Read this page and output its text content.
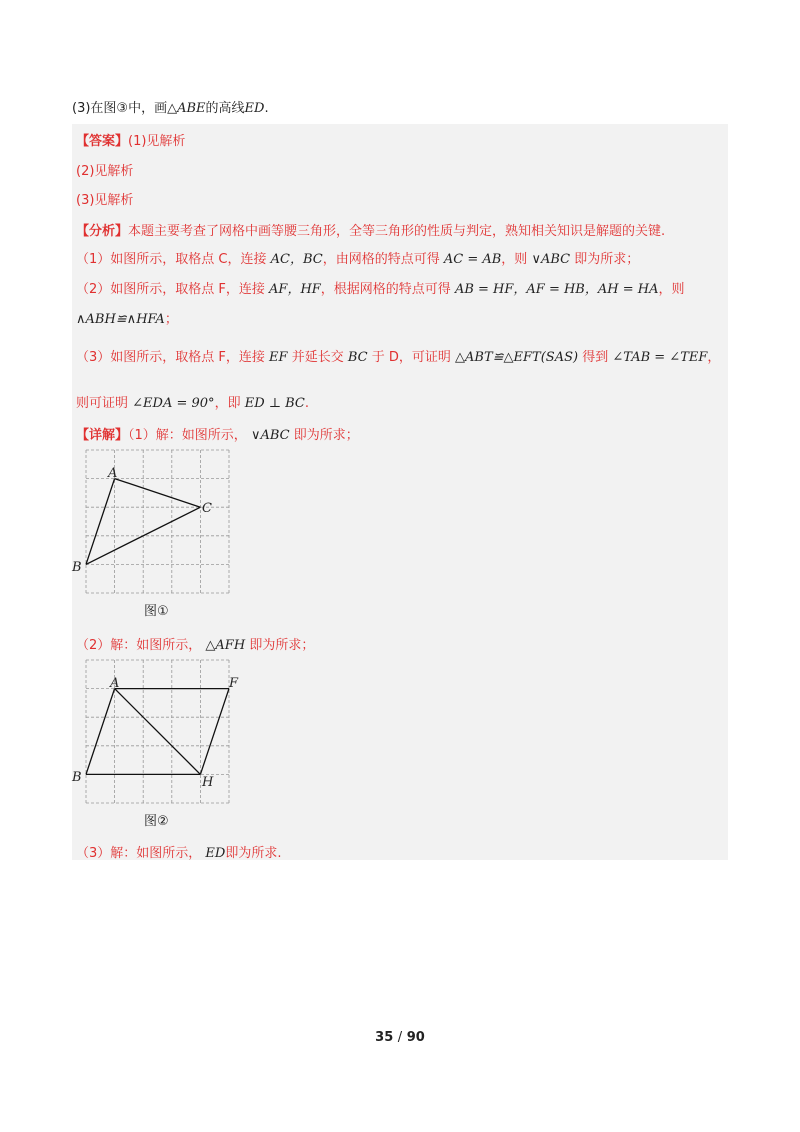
(3)在图③中，画△ABE的高线ED.
【答案】(1)见解析
(2)见解析
(3)见解析
【分析】本题主要考查了网格中画等腰三角形，全等三角形的性质与判定，熟知相关知识是解题的关键.
（1）如图所示，取格点 C，连接 AC，BC，由网格的特点可得 AC = AB，则 ∨ABC 即为所求；
（2）如图所示，取格点 F，连接 AF，HF，根据网格的特点可得 AB = HF，AF = HB，AH = HA，则
∧ABH≌∧HFA；
（3）如图所示，取格点 F，连接 EF 并延长交 BC 于 D，可证明 △ABT≌△EFT(SAS) 得到 ∠TAB = ∠TEF，
则可证明 ∠EDA = 90°，即 ED ⊥ BC.
【详解】（1）解：如图所示， ∨ABC 即为所求；
A
B
C
图①
（2）解：如图所示， △AFH 即为所求；
A
B
F
H
图②
（3）解：如图所示， ED即为所求.
35 / 90
